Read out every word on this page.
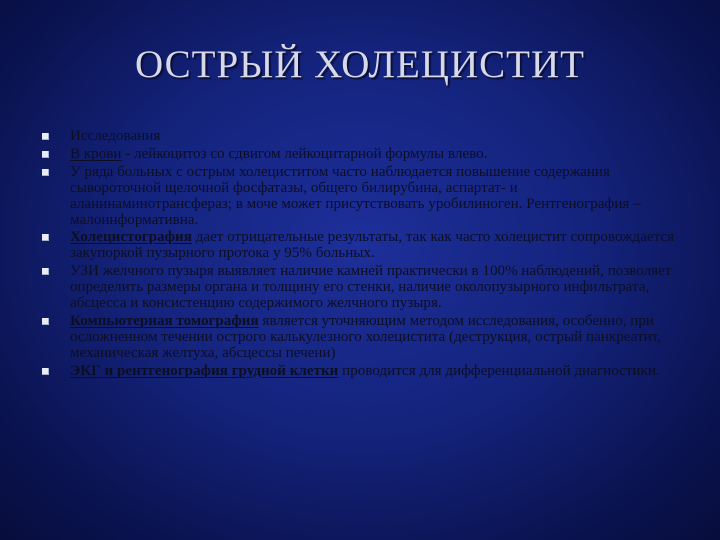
ОСТРЫЙ ХОЛЕЦИСТИТ
Исследования
В крови - лейкоцитоз со сдвигом лейкоцитарной формулы влево.
У ряда больных с острым холециститом часто наблюдается повышение содержания сывороточной щелочной фосфатазы, общего билирубина, аспартат- и аланинаминотрансфераз; в моче может присутствовать уробилиноген. Рентгенография – малоинформативна.
Холецистография дает отрицательные результаты, так как часто холецистит сопровождается закупоркой пузырного протока у 95% больных.
УЗИ желчного пузыря выявляет наличие камней практически в 100% наблюдений, позволяет определить размеры органа и толщину его стенки, наличие околопузырного инфильтрата, абсцесса и консистенцию содержимого желчного пузыря.
Компьютерная томография является уточняющим методом исследования, особенно, при осложненном течении острого калькулезного холецистита (деструкция, острый панкреатит, механическая желтуха, абсцессы печени)
ЭКГ и рентгенография грудной клетки проводится для дифференциальной диагностики.
